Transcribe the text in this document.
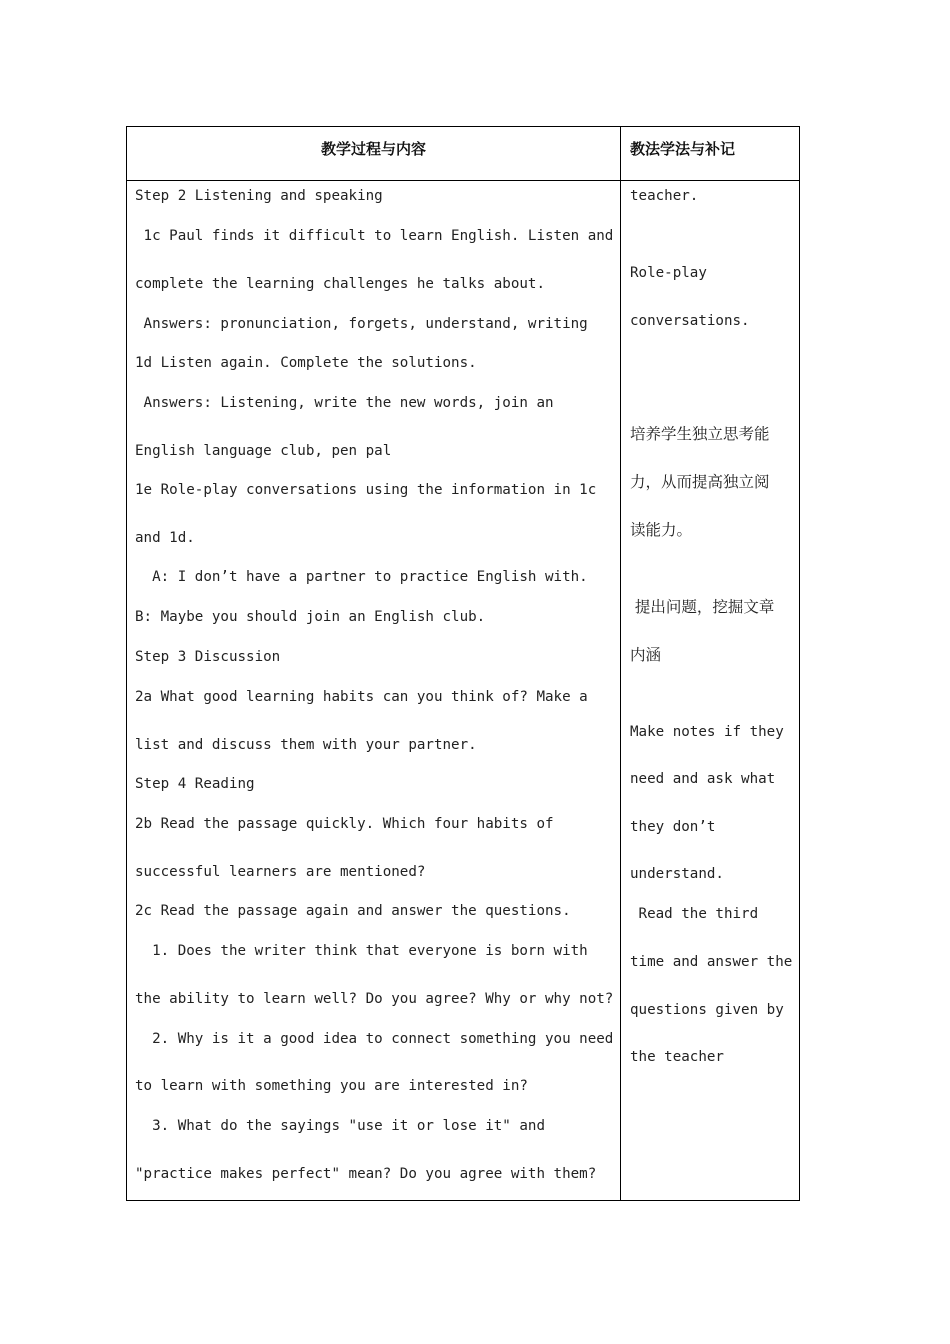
教学过程与内容	教法学法与补记
Step 2 Listening and speaking
1c Paul finds it difficult to learn English. Listen and
complete the learning challenges he talks about.
Answers: pronunciation, forgets, understand, writing
1d Listen again. Complete the solutions.
Answers: Listening, write the new words, join an
English language club, pen pal
1e Role-play conversations using the information in 1c
and 1d.
A: I don’t have a partner to practice English with.
B: Maybe you should join an English club.
Step 3 Discussion
2a What good learning habits can you think of? Make a
list and discuss them with your partner.
Step 4 Reading
2b Read the passage quickly. Which four habits of
successful learners are mentioned?
2c Read the passage again and answer the questions.
1. Does the writer think that everyone is born with
the ability to learn well? Do you agree? Why or why not?
2. Why is it a good idea to connect something you need
to learn with something you are interested in?
3. What do the sayings "use it or lose it" and
"practice makes perfect" mean? Do you agree with them?
teacher.
Role-play
conversations.
培养学生独立思考能
力，从而提高独立阅
读能力。
提出问题，挖掘文章
内涵
Make notes if they
need and ask what
they don’t
understand.
Read the third
time and answer the
questions given by
the teacher
